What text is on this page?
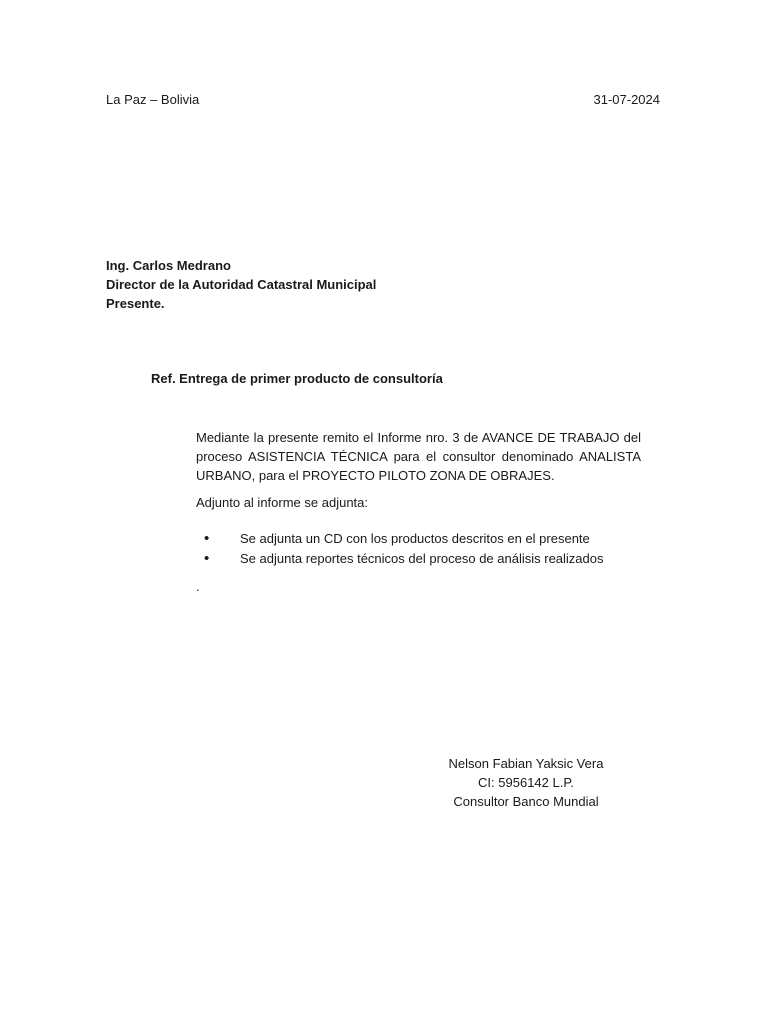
La Paz – Bolivia	31-07-2024
Ing. Carlos Medrano
Director de la Autoridad Catastral Municipal
Presente.
Ref. Entrega de primer producto de consultoría
Mediante la presente remito el Informe nro. 3 de AVANCE DE TRABAJO del proceso ASISTENCIA TÉCNICA para el consultor denominado ANALISTA URBANO, para el PROYECTO PILOTO ZONA DE OBRAJES.
Adjunto al informe se adjunta:
• Se adjunta un CD con los productos descritos en el presente
• Se adjunta reportes técnicos del proceso de análisis realizados
.
Nelson Fabian Yaksic Vera
CI: 5956142 L.P.
Consultor Banco Mundial
